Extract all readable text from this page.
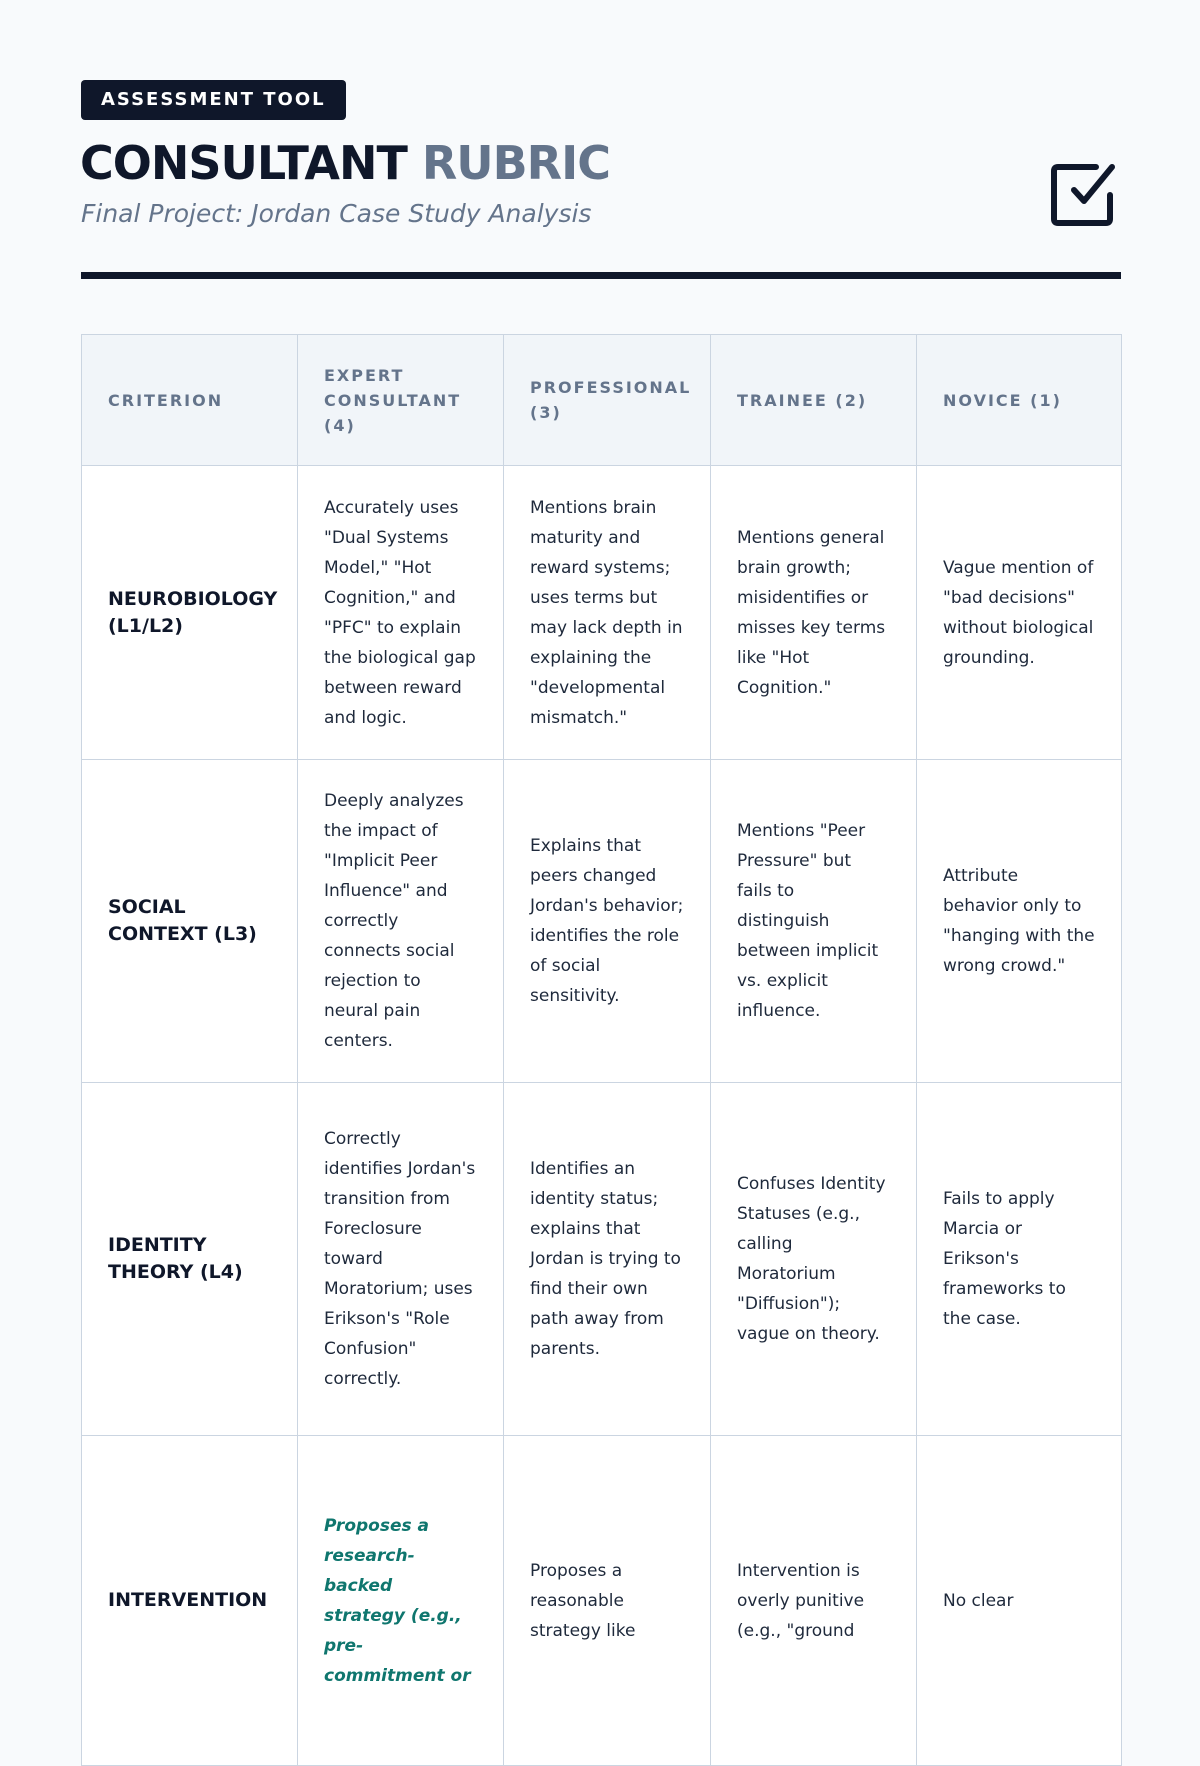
ASSESSMENT TOOL
CONSULTANT RUBRIC
Final Project: Jordan Case Study Analysis
CRITERION	EXPERT CONSULTANT (4)	PROFESSIONAL (3)	TRAINEE (2)	NOVICE (1)
NEUROBIOLOGY (L1/L2)	Accurately uses "Dual Systems Model," "Hot Cognition," and "PFC" to explain the biological gap between reward and logic.	Mentions brain maturity and reward systems; uses terms but may lack depth in explaining the "developmental mismatch."	Mentions general brain growth; misidentifies or misses key terms like "Hot Cognition."	Vague mention of "bad decisions" without biological grounding.
SOCIAL CONTEXT (L3)	Deeply analyzes the impact of "Implicit Peer Influence" and correctly connects social rejection to neural pain centers.	Explains that peers changed Jordan's behavior; identifies the role of social sensitivity.	Mentions "Peer Pressure" but fails to distinguish between implicit vs. explicit influence.	Attribute behavior only to "hanging with the wrong crowd."
IDENTITY THEORY (L4)	Correctly identifies Jordan's transition from Foreclosure toward Moratorium; uses Erikson's "Role Confusion" correctly.	Identifies an identity status; explains that Jordan is trying to find their own path away from parents.	Confuses Identity Statuses (e.g., calling Moratorium "Diffusion"); vague on theory.	Fails to apply Marcia or Erikson's frameworks to the case.
INTERVENTION	Proposes a research-backed strategy (e.g., pre-commitment or	Proposes a reasonable strategy like	Intervention is overly punitive (e.g., "ground	No clear
